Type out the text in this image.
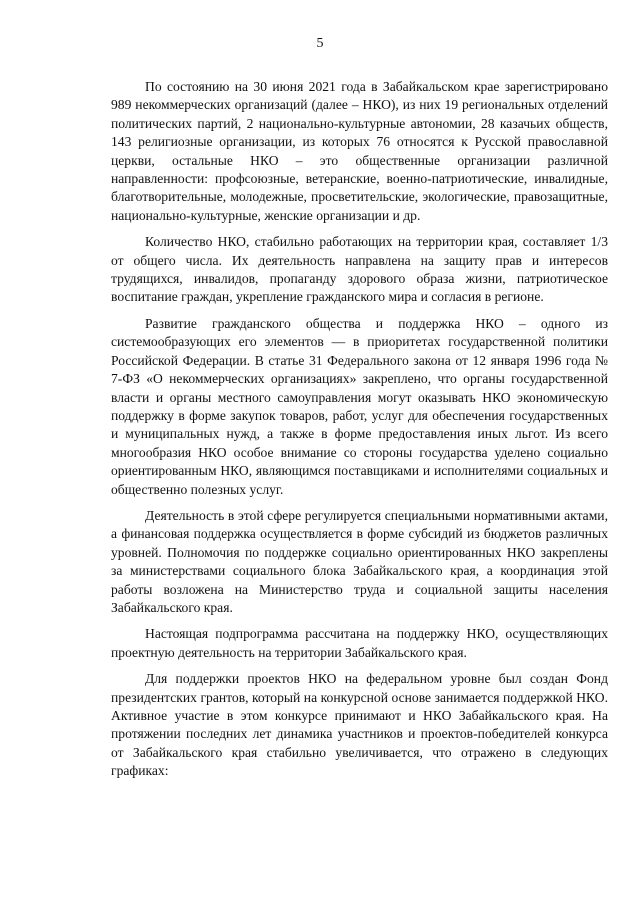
5

По состоянию на 30 июня 2021 года в Забайкальском крае зарегистрировано 989 некоммерческих организаций (далее – НКО), из них 19 региональных отделений политических партий, 2 национально-культурные автономии, 28 казачьих обществ, 143 религиозные организации, из которых 76 относятся к Русской православной церкви, остальные НКО – это общественные организации различной направленности: профсоюзные, ветеранские, военно-патриотические, инвалидные, благотворительные, молодежные, просветительские, экологические, правозащитные, национально-культурные, женские организации и др.

Количество НКО, стабильно работающих на территории края, составляет 1/3 от общего числа. Их деятельность направлена на защиту прав и интересов трудящихся, инвалидов, пропаганду здорового образа жизни, патриотическое воспитание граждан, укрепление гражданского мира и согласия в регионе.

Развитие гражданского общества и поддержка НКО – одного из системообразующих его элементов — в приоритетах государственной политики Российской Федерации. В статье 31 Федерального закона от 12 января 1996 года № 7-ФЗ «О некоммерческих организациях» закреплено, что органы государственной власти и органы местного самоуправления могут оказывать НКО экономическую поддержку в форме закупок товаров, работ, услуг для обеспечения государственных и муниципальных нужд, а также в форме предоставления иных льгот. Из всего многообразия НКО особое внимание со стороны государства уделено социально ориентированным НКО, являющимся поставщиками и исполнителями социальных и общественно полезных услуг.

Деятельность в этой сфере регулируется специальными нормативными актами, а финансовая поддержка осуществляется в форме субсидий из бюджетов различных уровней. Полномочия по поддержке социально ориентированных НКО закреплены за министерствами социального блока Забайкальского края, а координация этой работы возложена на Министерство труда и социальной защиты населения Забайкальского края.

Настоящая подпрограмма рассчитана на поддержку НКО, осуществляющих проектную деятельность на территории Забайкальского края.

Для поддержки проектов НКО на федеральном уровне был создан Фонд президентских грантов, который на конкурсной основе занимается поддержкой НКО. Активное участие в этом конкурсе принимают и НКО Забайкальского края. На протяжении последних лет динамика участников и проектов-победителей конкурса от Забайкальского края стабильно увеличивается, что отражено в следующих графиках:
